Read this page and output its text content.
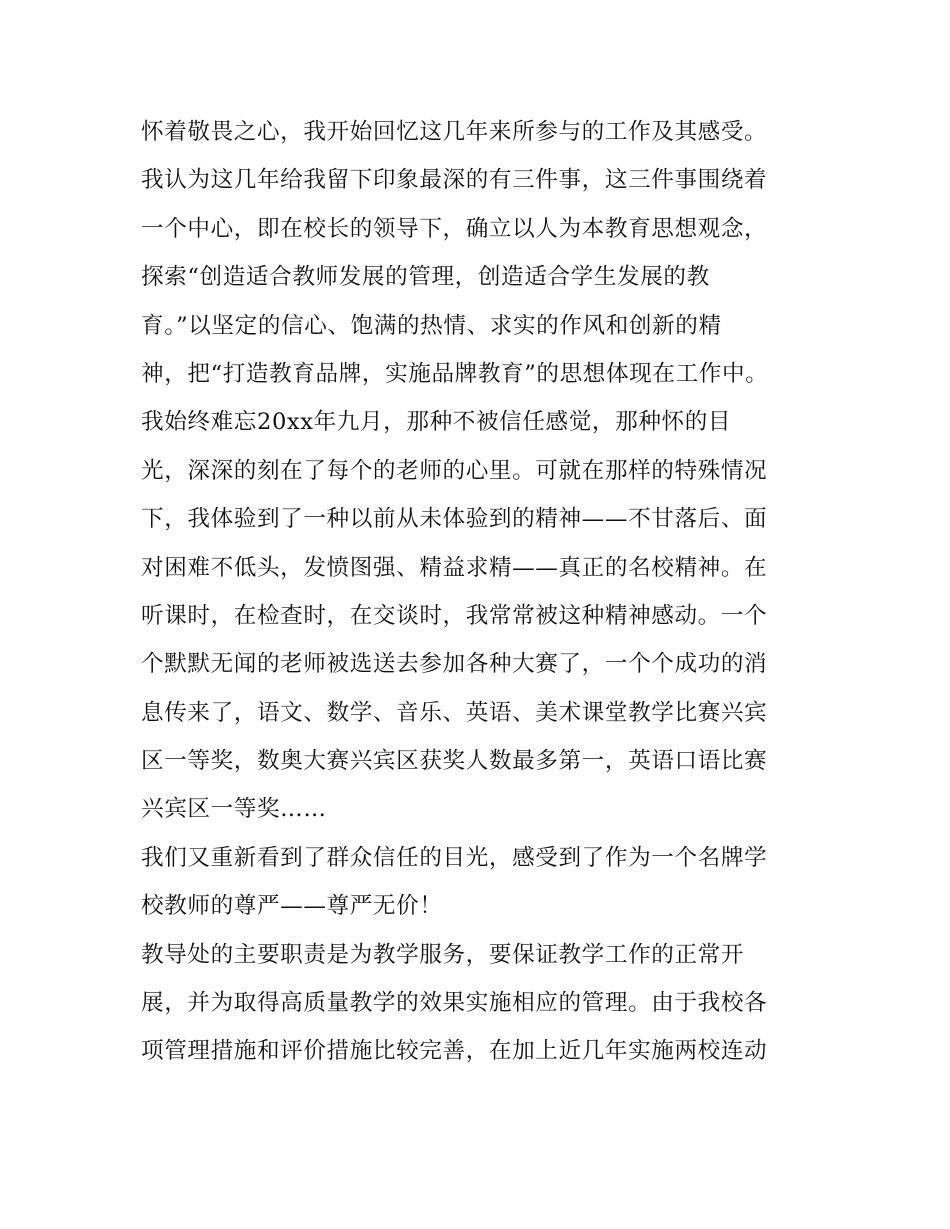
怀着敬畏之心，我开始回忆这几年来所参与的工作及其感受。
我认为这几年给我留下印象最深的有三件事，这三件事围绕着
一个中心，即在校长的领导下，确立以人为本教育思想观念，
探索“创造适合教师发展的管理，创造适合学生发展的教
育。”以坚定的信心、饱满的热情、求实的作风和创新的精
神，把“打造教育品牌，实施品牌教育”的思想体现在工作中。
我始终难忘20xx年九月，那种不被信任感觉，那种怀的目
光，深深的刻在了每个的老师的心里。可就在那样的特殊情况
下，我体验到了一种以前从未体验到的精神——不甘落后、面
对困难不低头，发愤图强、精益求精——真正的名校精神。在
听课时，在检查时，在交谈时，我常常被这种精神感动。一个
个默默无闻的老师被选送去参加各种大赛了，一个个成功的消
息传来了，语文、数学、音乐、英语、美术课堂教学比赛兴宾
区一等奖，数奥大赛兴宾区获奖人数最多第一，英语口语比赛
兴宾区一等奖……
我们又重新看到了群众信任的目光，感受到了作为一个名牌学
校教师的尊严——尊严无价！
教导处的主要职责是为教学服务，要保证教学工作的正常开
展，并为取得高质量教学的效果实施相应的管理。由于我校各
项管理措施和评价措施比较完善，在加上近几年实施两校连动
